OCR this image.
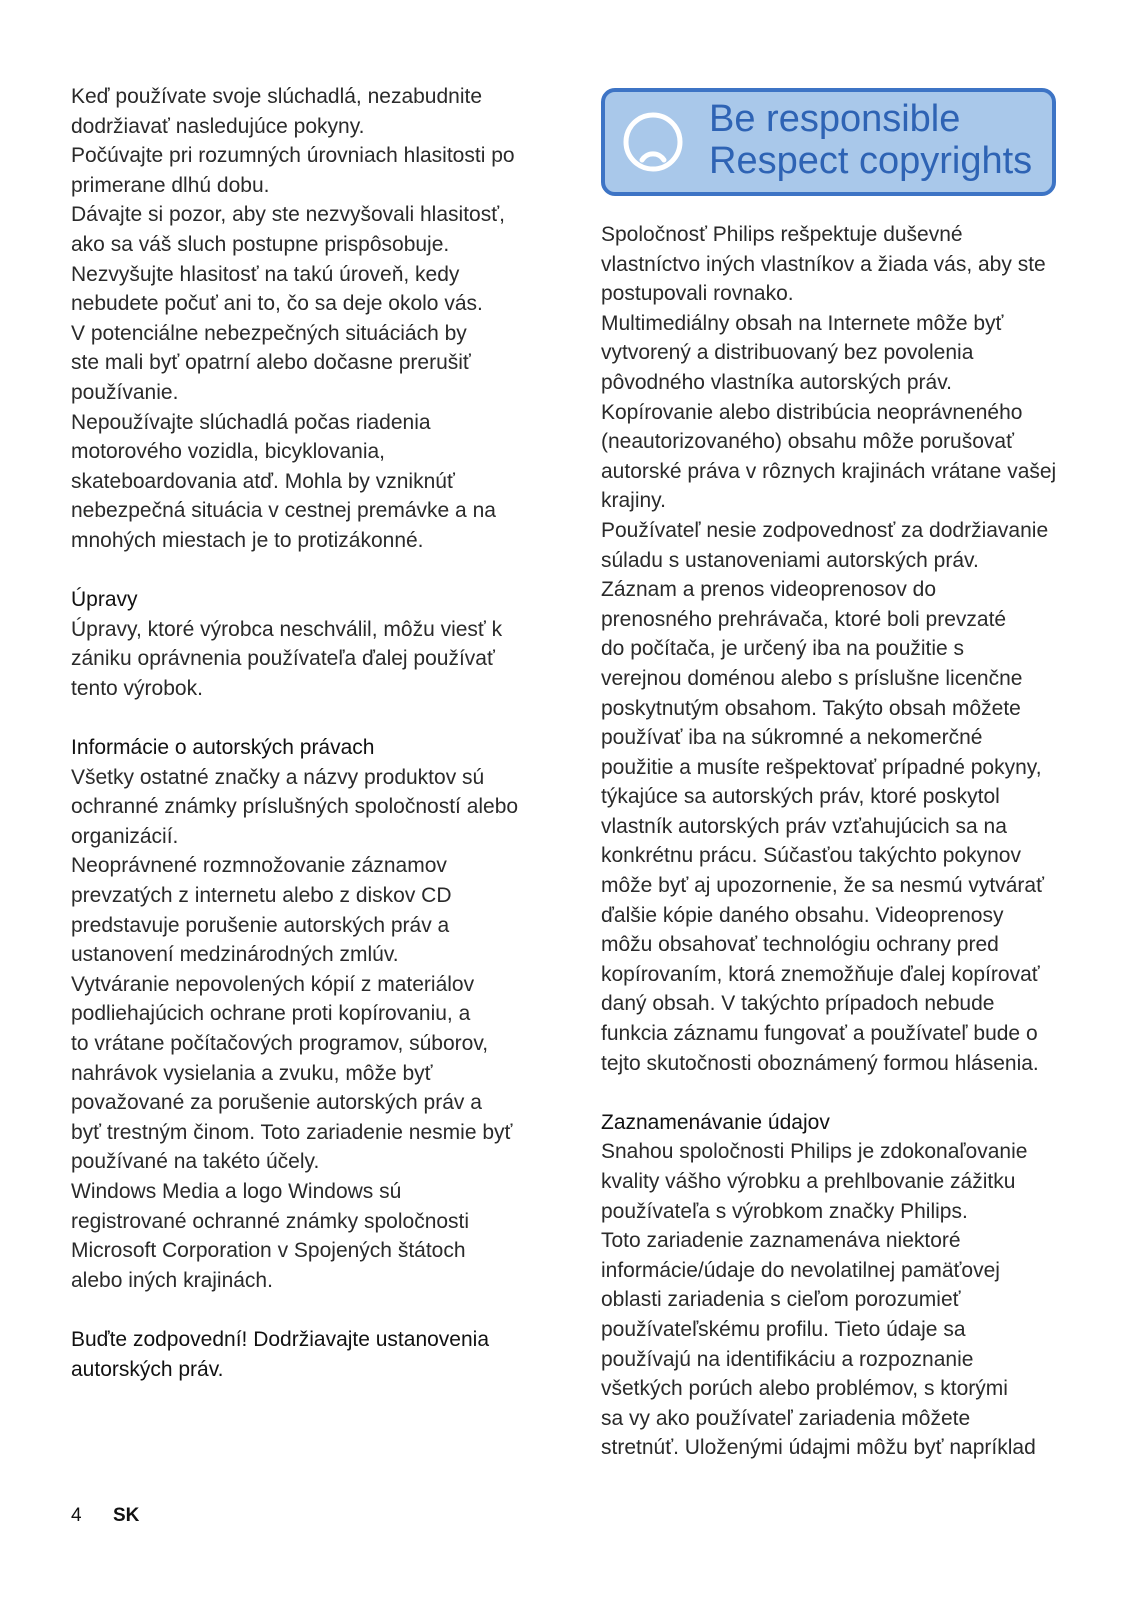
Keď používate svoje slúchadlá, nezabudnite
dodržiavať nasledujúce pokyny.
Počúvajte pri rozumných úrovniach hlasitosti po
primerane dlhú dobu.
Dávajte si pozor, aby ste nezvyšovali hlasitosť,
ako sa váš sluch postupne prispôsobuje.
Nezvyšujte hlasitosť na takú úroveň, kedy
nebudete počuť ani to, čo sa deje okolo vás.
V potenciálne nebezpečných situáciách by
ste mali byť opatrní alebo dočasne prerušiť
používanie.
Nepoužívajte slúchadlá počas riadenia
motorového vozidla, bicyklovania,
skateboardovania atď. Mohla by vzniknúť
nebezpečná situácia v cestnej premávke a na
mnohých miestach je to protizákonné.
Úpravy
Úpravy, ktoré výrobca neschválil, môžu viesť k
zániku oprávnenia používateľa ďalej používať
tento výrobok.
Informácie o autorských právach
Všetky ostatné značky a názvy produktov sú
ochranné známky príslušných spoločností alebo
organizácií.
Neoprávnené rozmnožovanie záznamov
prevzatých z internetu alebo z diskov CD
predstavuje porušenie autorských práv a
ustanovení medzinárodných zmlúv.
Vytváranie nepovolených kópií z materiálov
podliehajúcich ochrane proti kopírovaniu, a
to vrátane počítačových programov, súborov,
nahrávok vysielania a zvuku, môže byť
považované za porušenie autorských práv a
byť trestným činom. Toto zariadenie nesmie byť
používané na takéto účely.
Windows Media a logo Windows sú
registrované ochranné známky spoločnosti
Microsoft Corporation v Spojených štátoch
alebo iných krajinách.
Buďte zodpovední! Dodržiavajte ustanovenia
autorských práv.
Be responsible
Respect copyrights
Spoločnosť Philips rešpektuje duševné
vlastníctvo iných vlastníkov a žiada vás, aby ste
postupovali rovnako.
Multimediálny obsah na Internete môže byť
vytvorený a distribuovaný bez povolenia
pôvodného vlastníka autorských práv.
Kopírovanie alebo distribúcia neoprávneného
(neautorizovaného) obsahu môže porušovať
autorské práva v rôznych krajinách vrátane vašej
krajiny.
Používateľ nesie zodpovednosť za dodržiavanie
súladu s ustanoveniami autorských práv.
Záznam a prenos videoprenosov do
prenosného prehrávača, ktoré boli prevzaté
do počítača, je určený iba na použitie s
verejnou doménou alebo s príslušne licenčne
poskytnutým obsahom. Takýto obsah môžete
používať iba na súkromné a nekomerčné
použitie a musíte rešpektovať prípadné pokyny,
týkajúce sa autorských práv, ktoré poskytol
vlastník autorských práv vzťahujúcich sa na
konkrétnu prácu. Súčasťou takýchto pokynov
môže byť aj upozornenie, že sa nesmú vytvárať
ďalšie kópie daného obsahu. Videoprenosy
môžu obsahovať technológiu ochrany pred
kopírovaním, ktorá znemožňuje ďalej kopírovať
daný obsah. V takýchto prípadoch nebude
funkcia záznamu fungovať a používateľ bude o
tejto skutočnosti oboznámený formou hlásenia.
Zaznamenávanie údajov
Snahou spoločnosti Philips je zdokonaľovanie
kvality vášho výrobku a prehlbovanie zážitku
používateľa s výrobkom značky Philips.
Toto zariadenie zaznamenáva niektoré
informácie/údaje do nevolatilnej pamäťovej
oblasti zariadenia s cieľom porozumieť
používateľskému profilu. Tieto údaje sa
používajú na identifikáciu a rozpoznanie
všetkých porúch alebo problémov, s ktorými
sa vy ako používateľ zariadenia môžete
stretnúť. Uloženými údajmi môžu byť napríklad
4 SK
